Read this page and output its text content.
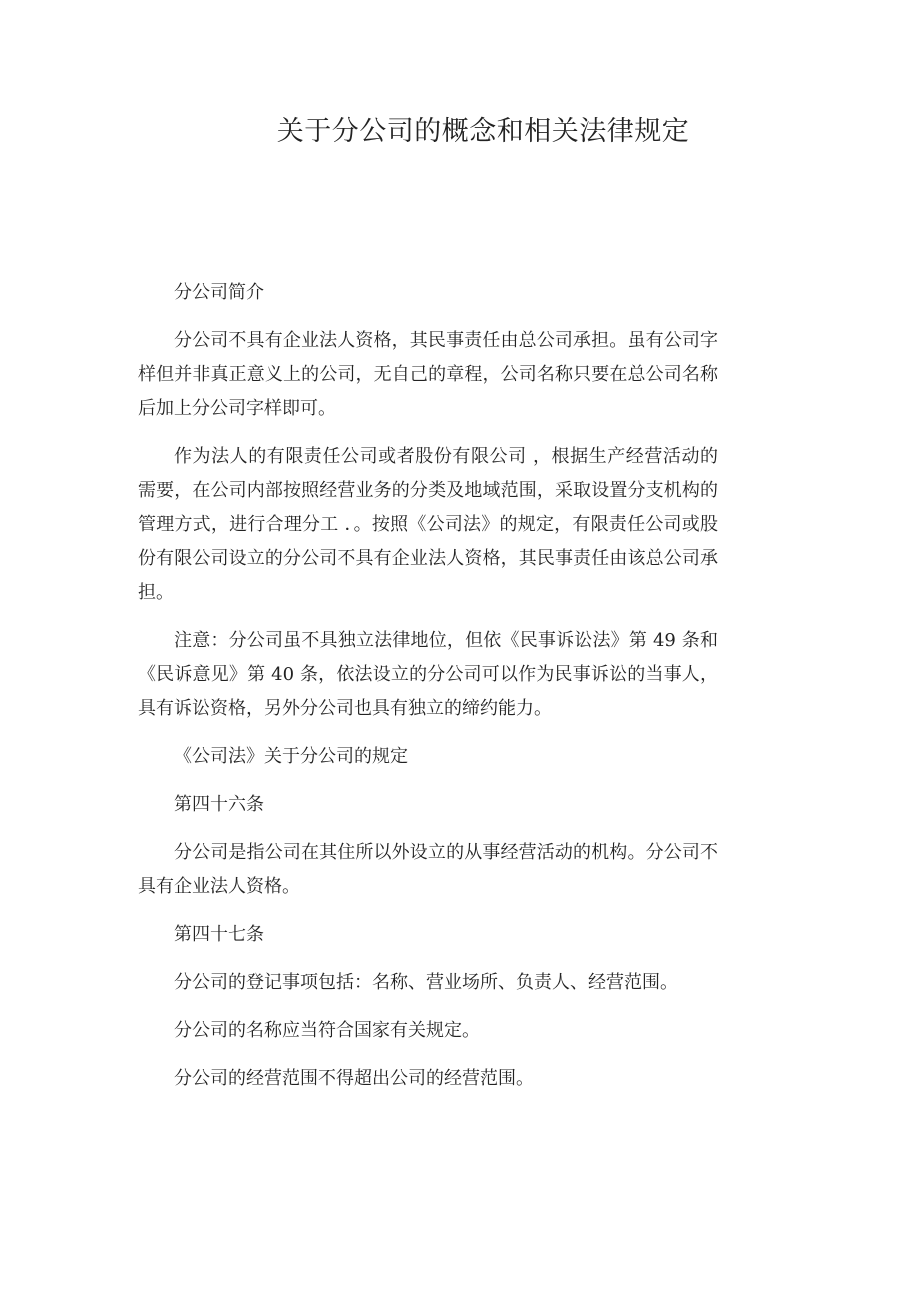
关于分公司的概念和相关法律规定

分公司简介

分公司不具有企业法人资格，其民事责任由总公司承担。虽有公司字样但并非真正意义上的公司，无自己的章程，公司名称只要在总公司名称后加上分公司字样即可。

作为法人的有限责任公司或者股份有限公司 ，根据生产经营活动的需要，在公司内部按照经营业务的分类及地域范围，采取设置分支机构的管理方式，进行合理分工 ．。按照《公司法》的规定，有限责任公司或股份有限公司设立的分公司不具有企业法人资格，其民事责任由该总公司承担。

注意：分公司虽不具独立法律地位，但依《民事诉讼法》第 49 条和《民诉意见》第 40 条，依法设立的分公司可以作为民事诉讼的当事人，具有诉讼资格，另外分公司也具有独立的缔约能力。

《公司法》关于分公司的规定

第四十六条

分公司是指公司在其住所以外设立的从事经营活动的机构。分公司不具有企业法人资格。

第四十七条

分公司的登记事项包括：名称、营业场所、负责人、经营范围。

分公司的名称应当符合国家有关规定。

分公司的经营范围不得超出公司的经营范围。
